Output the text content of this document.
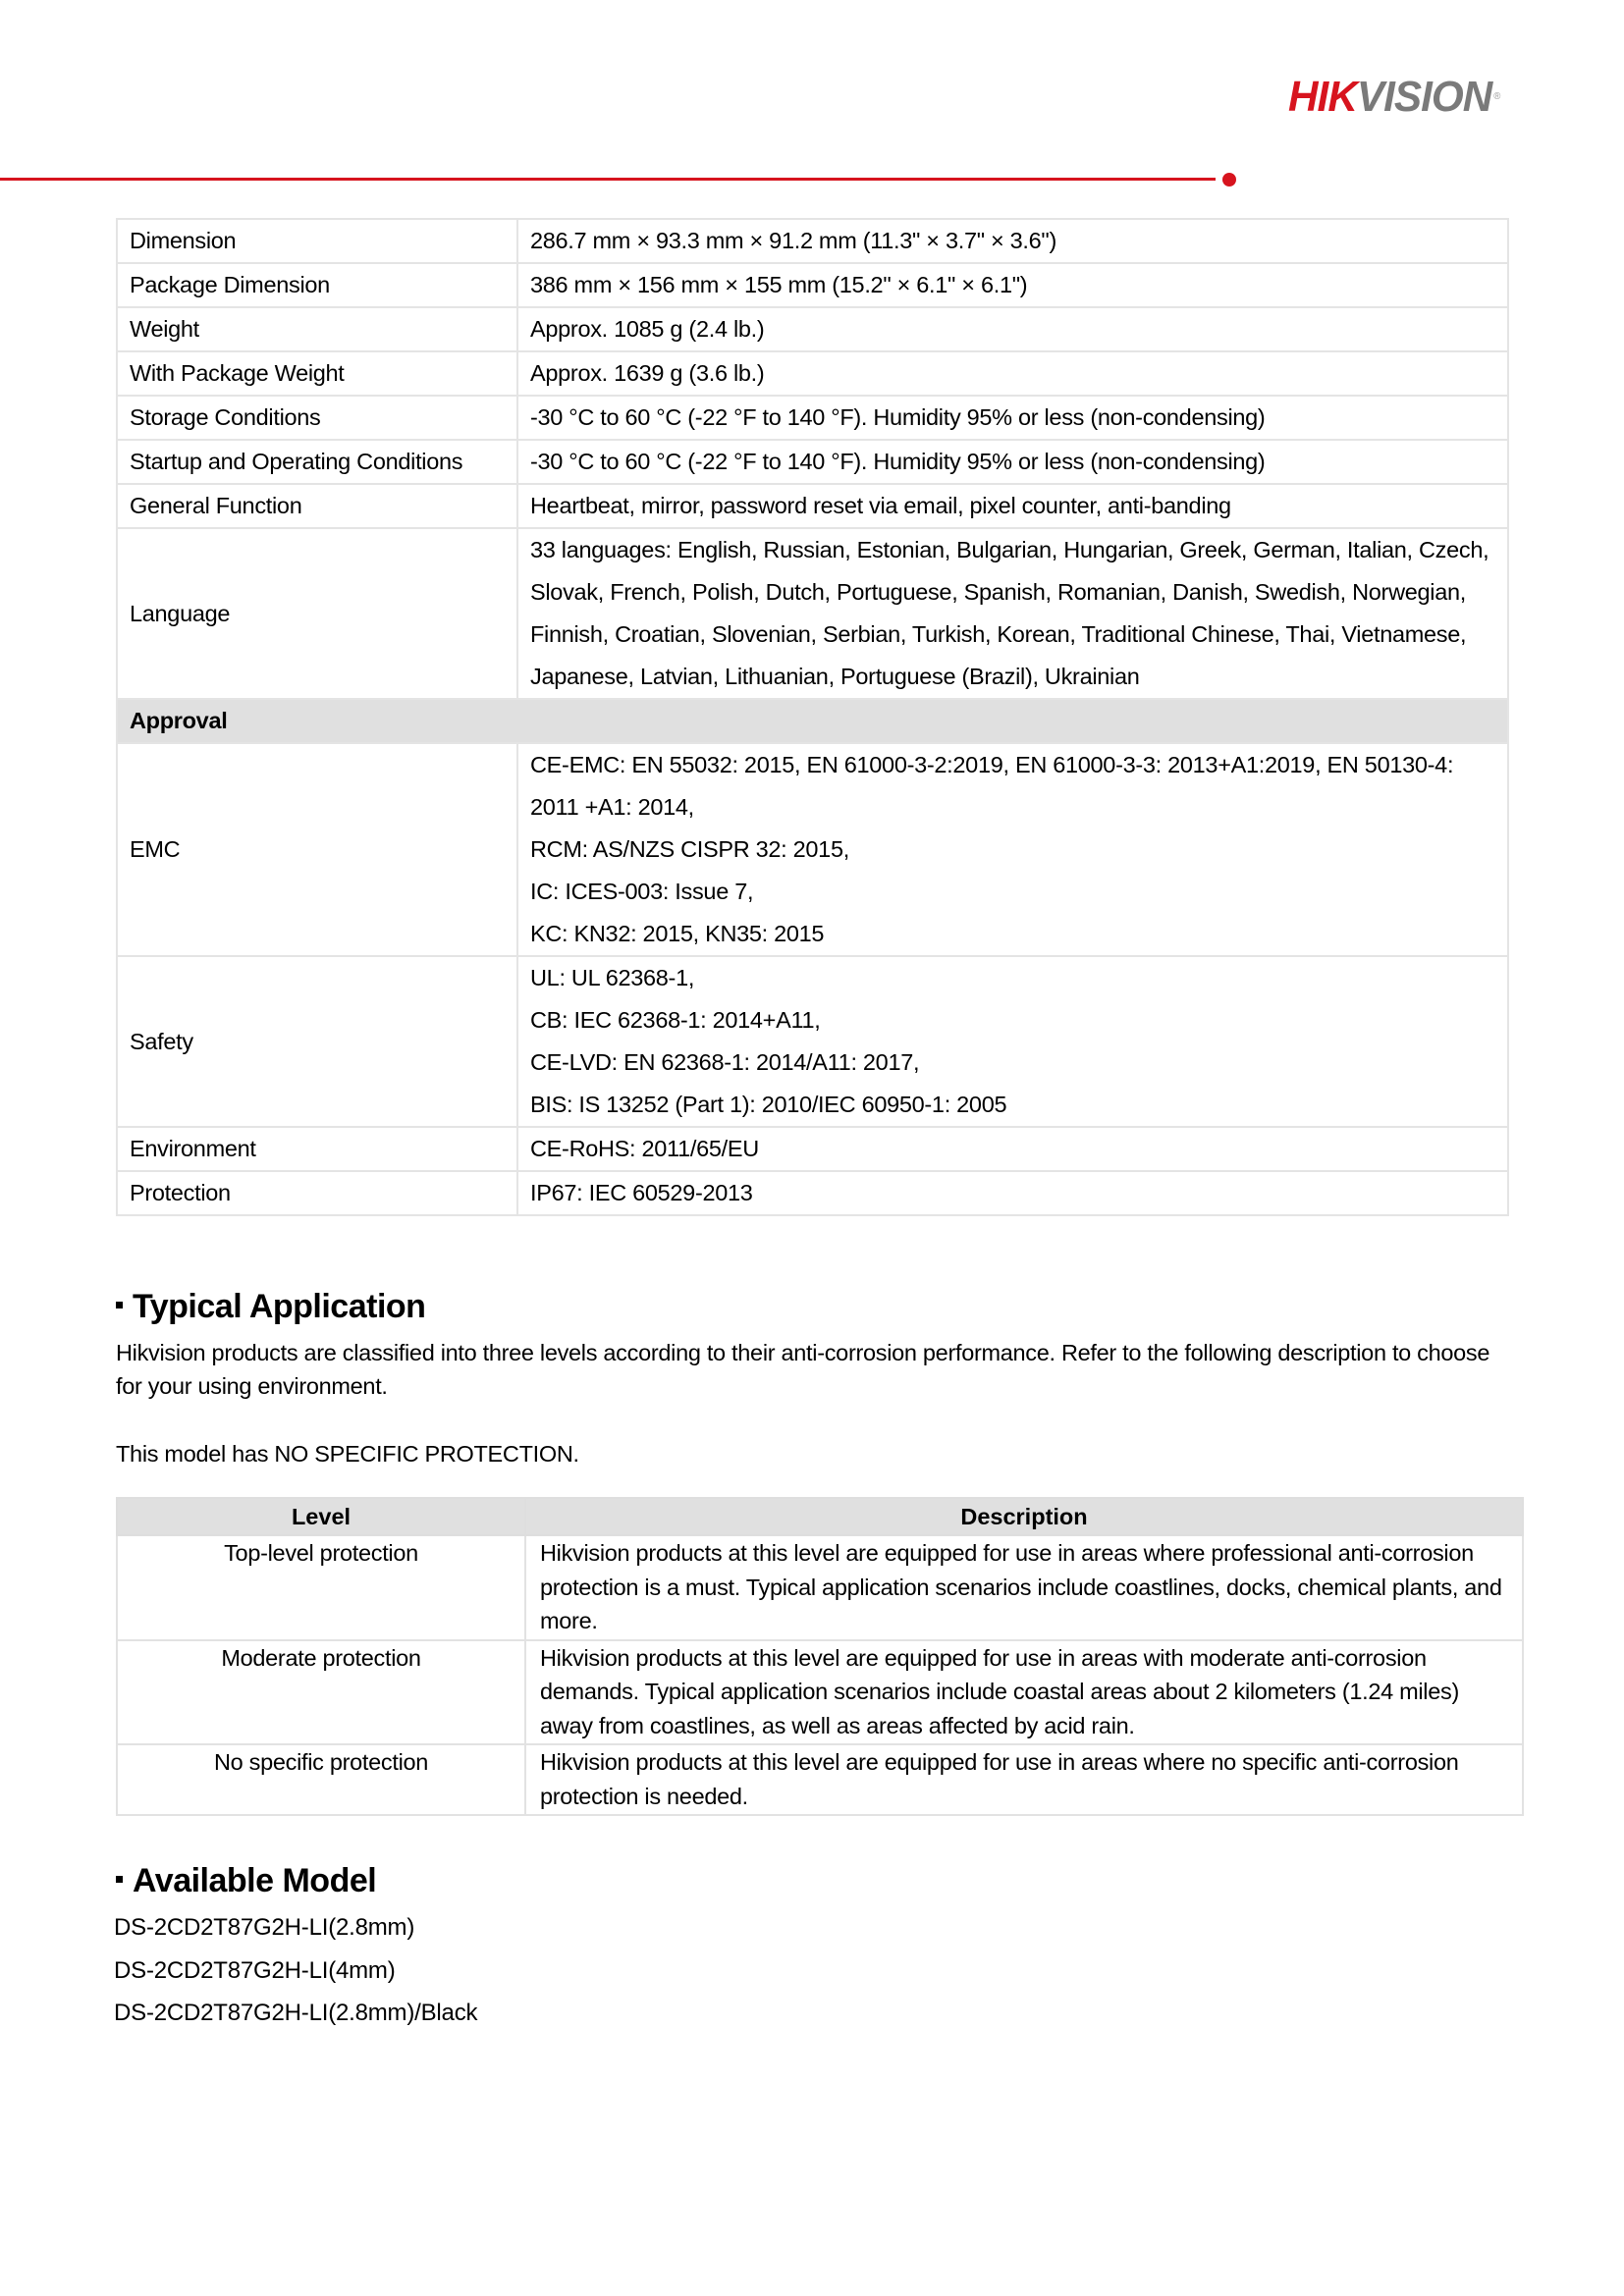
HIKVISION ®
Dimension	286.7 mm × 93.3 mm × 91.2 mm (11.3" × 3.7" × 3.6")

Package Dimension	386 mm × 156 mm × 155 mm (15.2" × 6.1" × 6.1")

Weight	Approx. 1085 g (2.4 lb.)

With Package Weight	Approx. 1639 g (3.6 lb.)

Storage Conditions	-30 °C to 60 °C (-22 °F to 140 °F). Humidity 95% or less (non-condensing)

Startup and Operating Conditions	-30 °C to 60 °C (-22 °F to 140 °F). Humidity 95% or less (non-condensing)

General Function	Heartbeat, mirror, password reset via email, pixel counter, anti-banding

Language	33 languages: English, Russian, Estonian, Bulgarian, Hungarian, Greek, German, Italian, Czech, Slovak, French, Polish, Dutch, Portuguese, Spanish, Romanian, Danish, Swedish, Norwegian, Finnish, Croatian, Slovenian, Serbian, Turkish, Korean, Traditional Chinese, Thai, Vietnamese, Japanese, Latvian, Lithuanian, Portuguese (Brazil), Ukrainian

Approval	
EMC	CE-EMC: EN 55032: 2015, EN 61000-3-2:2019, EN 61000-3-3: 2013+A1:2019, EN 50130-4: 2011 +A1: 2014,
RCM: AS/NZS CISPR 32: 2015,
IC: ICES-003: Issue 7,
KC: KN32: 2015, KN35: 2015

Safety	UL: UL 62368-1,
CB: IEC 62368-1: 2014+A11,
CE-LVD: EN 62368-1: 2014/A11: 2017,
BIS: IS 13252 (Part 1): 2010/IEC 60950-1: 2005

Environment	CE-RoHS: 2011/65/EU

Protection	IP67: IEC 60529-2013
Typical Application
Hikvision products are classified into three levels according to their anti-corrosion performance. Refer to the following description to choose for your using environment.
This model has NO SPECIFIC PROTECTION.
Level	Description
Top-level protection	Hikvision products at this level are equipped for use in areas where professional anti-corrosion protection is a must. Typical application scenarios include coastlines, docks, chemical plants, and more.
Moderate protection	Hikvision products at this level are equipped for use in areas with moderate anti-corrosion demands. Typical application scenarios include coastal areas about 2 kilometers (1.24 miles) away from coastlines, as well as areas affected by acid rain.
No specific protection	Hikvision products at this level are equipped for use in areas where no specific anti-corrosion protection is needed.
Available Model
DS-2CD2T87G2H-LI(2.8mm)
DS-2CD2T87G2H-LI(4mm)
DS-2CD2T87G2H-LI(2.8mm)/Black
